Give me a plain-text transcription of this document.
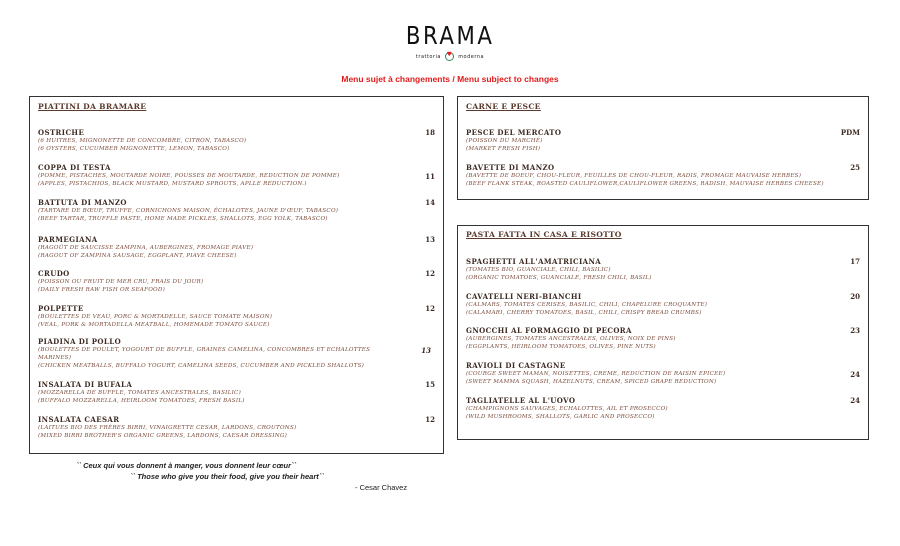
BRAMA
trattoria ♥	moderna
Menu sujet à changements / Menu subject to changes
PIATTINI DA BRAMARE
OSTRICHE
(6 HUITRES, MIGNONETTE DE CONCOMBRE, CITRON, TABASCO)
(6 OYSTERS, CUCUMBER MIGNONETTE, LEMON, TABASCO)
18
COPPA DI TESTA
(POMME, PISTACHES, MOUTARDE NOIRE, POUSSES DE MOUTARDE, REDUCTION DE POMME)
(APPLES, PISTACHIOS, BLACK MUSTARD, MUSTARD SPROUTS, APLLE REDUCTION.)
11
BATTUTA DI MANZO
(TARTARE DE BŒUF, TRUFFE, CORNICHONS MAISON, ÉCHALOTES, JAUNE D'ŒUF, TABASCO)
(BEEF TARTAR, TRUFFLE PASTE, HOME MADE PICKLES, SHALLOTS, EGG YOLK, TABASCO)
14
PARMEGIANA
(RAGOÛT DE SAUCISSE ZAMPINA, AUBERGINES, FROMAGE PIAVE)
(RAGOUT OF ZAMPINA SAUSAGE, EGGPLANT, PIAVE CHEESE)
13
CRUDO
(POISSON OU FRUIT DE MER CRU, FRAIS DU JOUR)
(DAILY FRESH RAW FISH OR SEAFOOD)
12
POLPETTE
(BOULETTES DE VEAU, PORC & MORTADELLE, SAUCE TOMATE MAISON)
(VEAL, PORK & MORTADELLA MEATBALL, HOMEMADE TOMATO SAUCE)
12
PIADINA DI POLLO
(BOULETTES DE POULET, YOGOURT DE BUFFLE, GRAINES CAMELINA, CONCOMBRES ET ECHALOTTES
MARINES)
(CHICKEN MEATBALLS, BUFFALO YOGURT, CAMELINA SEEDS, CUCUMBER AND PICKLED SHALLOTS)
13
INSALATA DI BUFALA
(MOZZARELLA DE BUFFLE, TOMATES ANCESTRALES, BASILIC)
(BUFFALO MOZZARELLA, HEIRLOOM TOMATOES, FRESH BASIL)
15
INSALATA CAESAR
(LAITUES BIO DES FRÈRES BIRRI, VINAIGRETTE CESAR, LARDONS, CROUTONS)
(MIXED BIRRI BROTHER'S ORGANIC GREENS, LARDONS, CAESAR DRESSING)
12
CARNE E PESCE
PESCE DEL MERCATO
(POISSON DU MARCHÉ)
(MARKET FRESH FISH)
PDM
BAVETTE DI MANZO
(BAVETTE DE BOEUF, CHOU-FLEUR, FEUILLES DE CHOU-FLEUR, RADIS, FROMAGE MAUVAISE HERBES)
(BEEF FLANK STEAK, ROASTED CAULIFLOWER,CAULIFLOWER GREENS, RADISH, MAUVAISE HERBES CHEESE)
25
PASTA FATTA IN CASA E RISOTTO
SPAGHETTI ALL'AMATRICIANA
(TOMATES BIO, GUANCIALE, CHILI, BASILIC)
(ORGANIC TOMATOES, GUANCIALE, FRESH CHILI, BASIL)
17
CAVATELLI NERI-BIANCHI
(CALMARS, TOMATES CERISES, BASILIC, CHILI, CHAPELURE CROQUANTE)
(CALAMARI, CHERRY TOMATOES, BASIL, CHILI, CRISPY BREAD CRUMBS)
20
GNOCCHI AL FORMAGGIO DI PECORA
(AUBERGINES, TOMATES ANCESTRALES, OLIVES, NOIX DE PINS)
(EGGPLANTS, HEIRLOOM TOMATOES, OLIVES, PINE NUTS)
23
RAVIOLI DI CASTAGNE
(COURGE SWEET MAMAN, NOISETTES, CREME, REDUCTION DE RAISIN EPICEE)
(SWEET MAMMA SQUASH, HAZELNUTS, CREAM, SPICED GRAPE REDUCTION)
24
TAGLIATELLE AL L'UOVO
(CHAMPIGNONS SAUVAGES, ECHALOTTES, AIL ET PROSECCO)
(WILD MUSHROOMS, SHALLOTS, GARLIC AND PROSECCO)
24
`` Ceux qui vous donnent à manger, vous donnent leur cœur``
`` Those who give you their food, give you their heart``
- Cesar Chavez
